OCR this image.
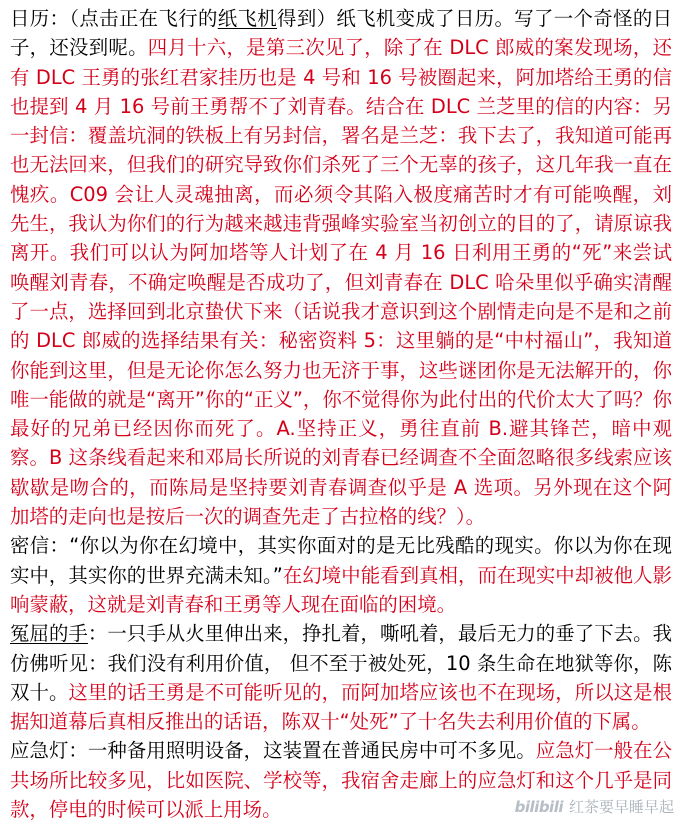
日历：（点击正在飞行的纸飞机得到）纸飞机变成了日历。写了一个奇怪的日子，还没到呢。四月十六，是第三次见了，除了在 DLC 郎威的案发现场，还有 DLC 王勇的张红君家挂历也是 4 号和 16 号被圈起来，阿加塔给王勇的信也提到 4 月 16 号前王勇帮不了刘青春。结合在 DLC 兰芝里的信的内容：另一封信：覆盖坑洞的铁板上有另封信，署名是兰芝：我下去了，我知道可能再也无法回来，但我们的研究导致你们杀死了三个无辜的孩子，这几年我一直在愧疚。C09 会让人灵魂抽离，而必须令其陷入极度痛苦时才有可能唤醒，刘先生，我认为你们的行为越来越违背强峰实验室当初创立的目的了，请原谅我离开。我们可以认为阿加塔等人计划了在 4 月 16 日利用王勇的“死”来尝试唤醒刘青春，不确定唤醒是否成功了，但刘青春在 DLC 哈朵里似乎确实清醒了一点，选择回到北京蛰伏下来（话说我才意识到这个剧情走向是不是和之前的 DLC 郎威的选择结果有关：秘密资料 5：这里躺的是“中村福山”，我知道你能到这里，但是无论你怎么努力也无济于事，这些谜团你是无法解开的，你唯一能做的就是“离开”你的“正义”，你不觉得你为此付出的代价太大了吗？你最好的兄弟已经因你而死了。A.坚持正义，勇往直前 B.避其锋芒，暗中观察。B 这条线看起来和邓局长所说的刘青春已经调查不全面忽略很多线索应该歇歇是吻合的，而陈局是坚持要刘青春调查似乎是 A 选项。另外现在这个阿加塔的走向也是按后一次的调查先走了古拉格的线？）。

密信：“你以为你在幻境中，其实你面对的是无比残酷的现实。你以为你在现实中，其实你的世界充满未知。”在幻境中能看到真相，而在现实中却被他人影响蒙蔽，这就是刘青春和王勇等人现在面临的困境。

冤屈的手：一只手从火里伸出来，挣扎着，嘶吼着，最后无力的垂了下去。我仿佛听见：我们没有利用价值， 但不至于被处死，10 条生命在地狱等你，陈双十。这里的话王勇是不可能听见的，而阿加塔应该也不在现场，所以这是根据知道幕后真相反推出的话语，陈双十“处死”了十名失去利用价值的下属。

应急灯：一种备用照明设备，这装置在普通民房中可不多见。应急灯一般在公共场所比较多见，比如医院、学校等，我宿舍走廊上的应急灯和这个几乎是同款，停电的时候可以派上用场。	bilibili 红茶要早睡早起
